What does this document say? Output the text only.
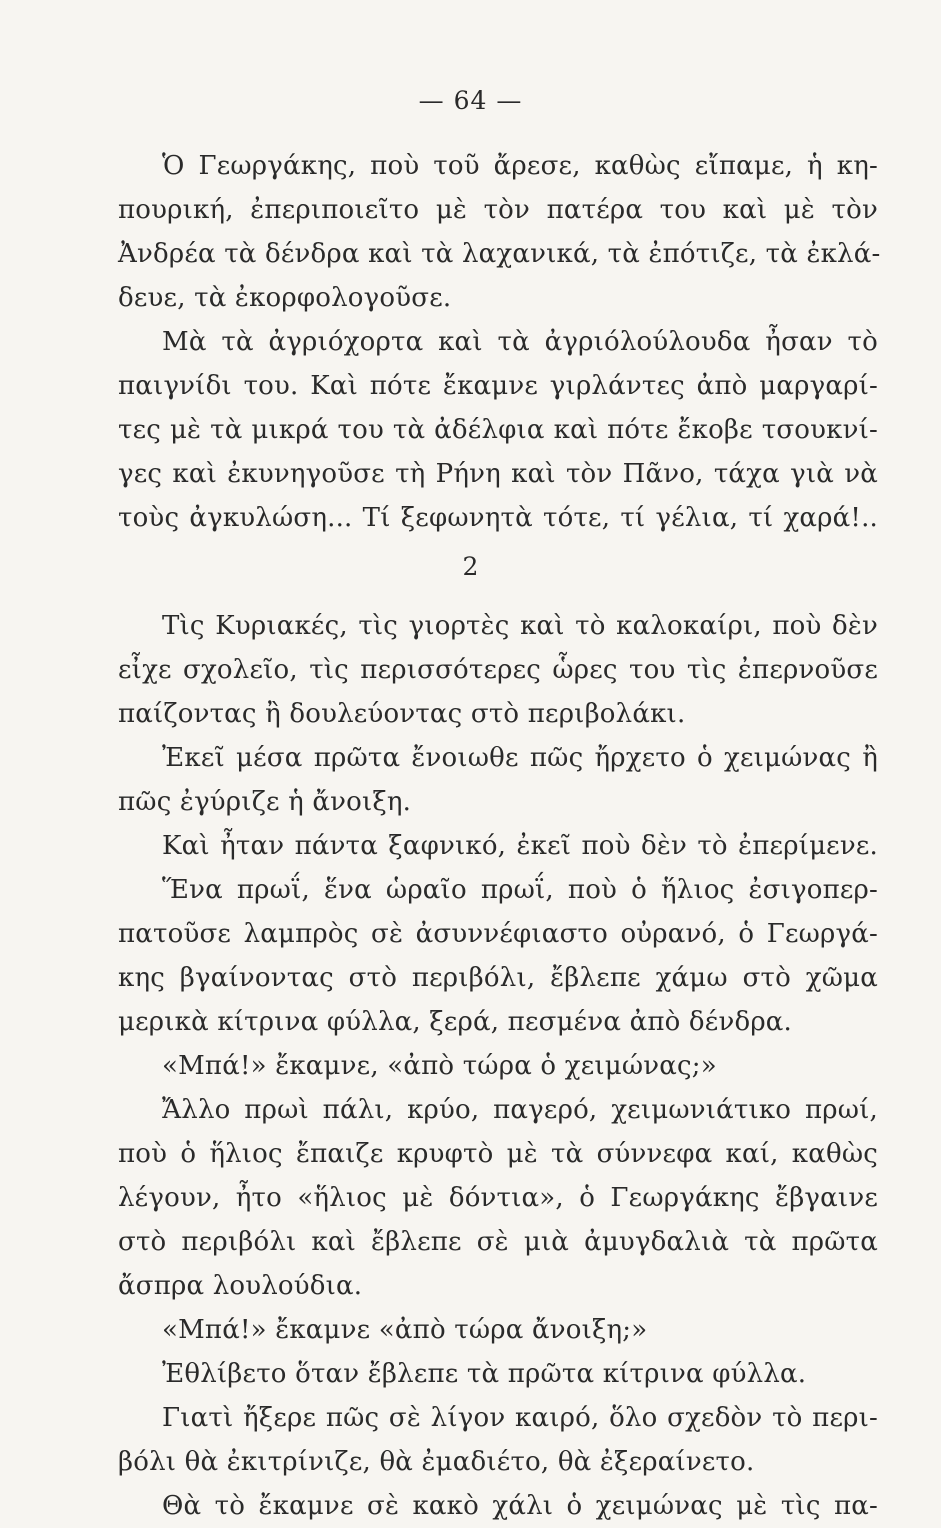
— 64 —
Ὁ Γεωργάκης, ποὺ τοῦ ἄρεσε, καθὼς εἴπαμε, ἡ κη-
πουρική, ἐπεριποιεῖτο μὲ τὸν πατέρα του καὶ μὲ τὸν
Ἀνδρέα τὰ δένδρα καὶ τὰ λαχανικά, τὰ ἐπότιζε, τὰ ἐκλά-
δευε, τὰ ἐκορφολογοῦσε.
Μὰ τὰ ἀγριόχορτα καὶ τὰ ἀγριόλούλουδα ἦσαν τὸ
παιγνίδι του. Καὶ πότε ἔκαμνε γιρλάντες ἀπὸ μαργαρί-
τες μὲ τὰ μικρά του τὰ ἀδέλφια καὶ πότε ἔκοβε τσουκνί-
γες καὶ ἐκυνηγοῦσε τὴ Ρήνη καὶ τὸν Πᾶνο, τάχα γιὰ νὰ
τοὺς ἀγκυλώση... Τί ξεφωνητὰ τότε, τί γέλια, τί χαρά!..
2
Τὶς Κυριακές, τὶς γιορτὲς καὶ τὸ καλοκαίρι, ποὺ δὲν
εἶχε σχολεῖο, τὶς περισσότερες ὧρες του τὶς ἐπερνοῦσε
παίζοντας ἢ δουλεύοντας στὸ περιβολάκι.
Ἐκεῖ μέσα πρῶτα ἔνοιωθε πῶς ἤρχετο ὁ χειμώνας ἢ
πῶς ἐγύριζε ἡ ἄνοιξη.
Καὶ ἦταν πάντα ξαφνικό, ἐκεῖ ποὺ δὲν τὸ ἐπερίμενε.
Ἕνα πρωΐ, ἕνα ὡραῖο πρωΐ, ποὺ ὁ ἥλιος ἐσιγοπερ-
πατοῦσε λαμπρὸς σὲ ἀσυννέφιαστο οὐρανό, ὁ Γεωργά-
κης βγαίνοντας στὸ περιβόλι, ἔβλεπε χάμω στὸ χῶμα
μερικὰ κίτρινα φύλλα, ξερά, πεσμένα ἀπὸ δένδρα.
«Μπά!» ἔκαμνε, «ἀπὸ τώρα ὁ χειμώνας;»
Ἄλλο πρωὶ πάλι, κρύο, παγερό, χειμωνιάτικο πρωί,
ποὺ ὁ ἥλιος ἔπαιζε κρυφτὸ μὲ τὰ σύννεφα καί, καθὼς
λέγουν, ἦτο «ἥλιος μὲ δόντια», ὁ Γεωργάκης ἔβγαινε
στὸ περιβόλι καὶ ἔβλεπε σὲ μιὰ ἀμυγδαλιὰ τὰ πρῶτα
ἄσπρα λουλούδια.
«Μπά!» ἔκαμνε «ἀπὸ τώρα ἄνοιξη;»
Ἐθλίβετο ὅταν ἔβλεπε τὰ πρῶτα κίτρινα φύλλα.
Γιατὶ ἤξερε πῶς σὲ λίγον καιρό, ὅλο σχεδὸν τὸ περι-
βόλι θὰ ἐκιτρίνιζε, θὰ ἐμαδιέτο, θὰ ἐξεραίνετο.
Θὰ τὸ ἔκαμνε σὲ κακὸ χάλι ὁ χειμώνας μὲ τὶς πα-
